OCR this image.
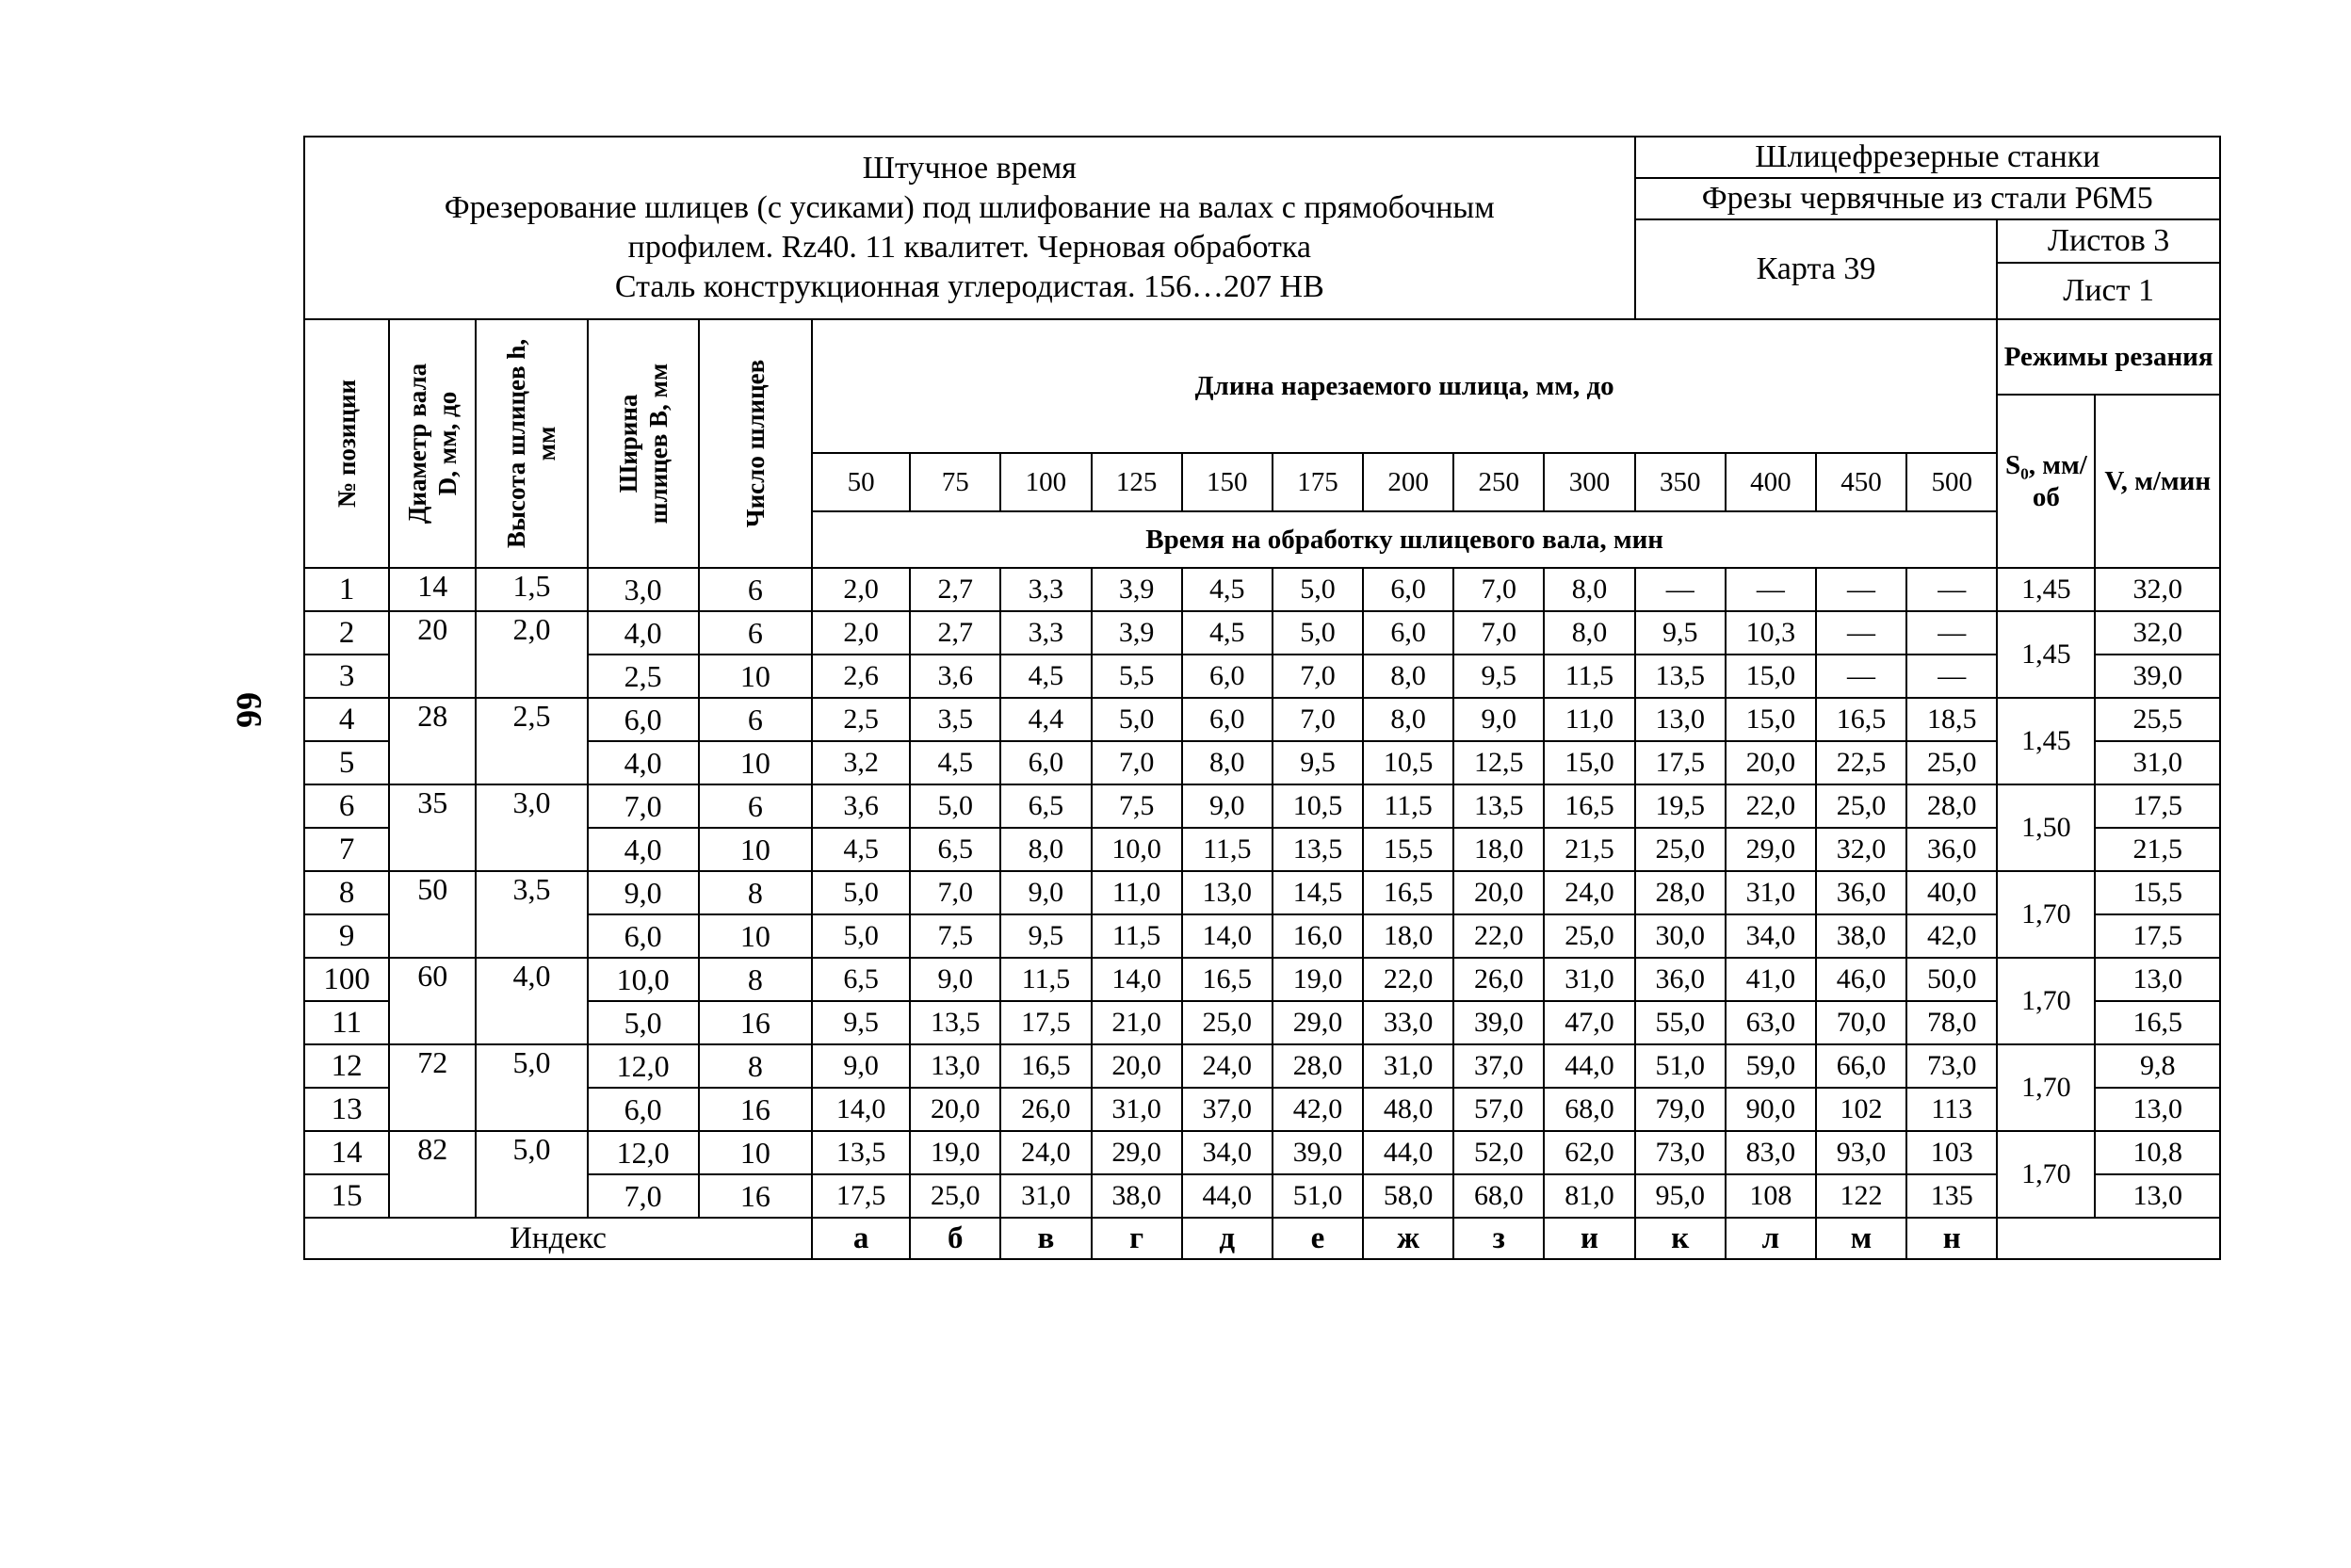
66
Штучное время
Фрезерование шлицев (с усиками) под шлифование на валах с прямобочным
профилем. Rz40. 11 квалитет. Черновая обработка
Сталь конструкционная углеродистая. 156…207 НВ														Шлицефрезерные станки					
														Фрезы червячные из стали Р6М5					
														Карта 39				Листов 3	
																		Лист 1	

№ позиции	Диаметр вала D, мм, до	Высота шлицев h, мм	Ширина шлицев В, мм	Число шлицев	Длина нарезаемого шлица, мм, до													Режимы резания	
																		S₀, мм/об	V, м/мин
					50	75	100	125	150	175	200	250	300	350	400	450	500		
					Время на обработку шлицевого вала, мин														
1	14	1,5	3,0	6	2,0	2,7	3,3	3,9	4,5	5,0	6,0	7,0	8,0	—	—	—	—	1,45	32,0
2	20	2,0	4,0	6	2,0	2,7	3,3	3,9	4,5	5,0	6,0	7,0	8,0	9,5	10,3	—	—	1,45	32,0
3			2,5	10	2,6	3,6	4,5	5,5	6,0	7,0	8,0	9,5	11,5	13,5	15,0	—	—		39,0
4	28	2,5	6,0	6	2,5	3,5	4,4	5,0	6,0	7,0	8,0	9,0	11,0	13,0	15,0	16,5	18,5	1,45	25,5
5			4,0	10	3,2	4,5	6,0	7,0	8,0	9,5	10,5	12,5	15,0	17,5	20,0	22,5	25,0		31,0
6	35	3,0	7,0	6	3,6	5,0	6,5	7,5	9,0	10,5	11,5	13,5	16,5	19,5	22,0	25,0	28,0	1,50	17,5
7			4,0	10	4,5	6,5	8,0	10,0	11,5	13,5	15,5	18,0	21,5	25,0	29,0	32,0	36,0		21,5
8	50	3,5	9,0	8	5,0	7,0	9,0	11,0	13,0	14,5	16,5	20,0	24,0	28,0	31,0	36,0	40,0	1,70	15,5
9			6,0	10	5,0	7,5	9,5	11,5	14,0	16,0	18,0	22,0	25,0	30,0	34,0	38,0	42,0		17,5
100	60	4,0	10,0	8	6,5	9,0	11,5	14,0	16,5	19,0	22,0	26,0	31,0	36,0	41,0	46,0	50,0	1,70	13,0
11			5,0	16	9,5	13,5	17,5	21,0	25,0	29,0	33,0	39,0	47,0	55,0	63,0	70,0	78,0		16,5
12	72	5,0	12,0	8	9,0	13,0	16,5	20,0	24,0	28,0	31,0	37,0	44,0	51,0	59,0	66,0	73,0	1,70	9,8
13			6,0	16	14,0	20,0	26,0	31,0	37,0	42,0	48,0	57,0	68,0	79,0	90,0	102	113		13,0
14	82	5,0	12,0	10	13,5	19,0	24,0	29,0	34,0	39,0	44,0	52,0	62,0	73,0	83,0	93,0	103	1,70	10,8
15			7,0	16	17,5	25,0	31,0	38,0	44,0	51,0	58,0	68,0	81,0	95,0	108	122	135		13,0
Индекс					а	б	в	г	д	е	ж	з	и	к	л	м	н		
